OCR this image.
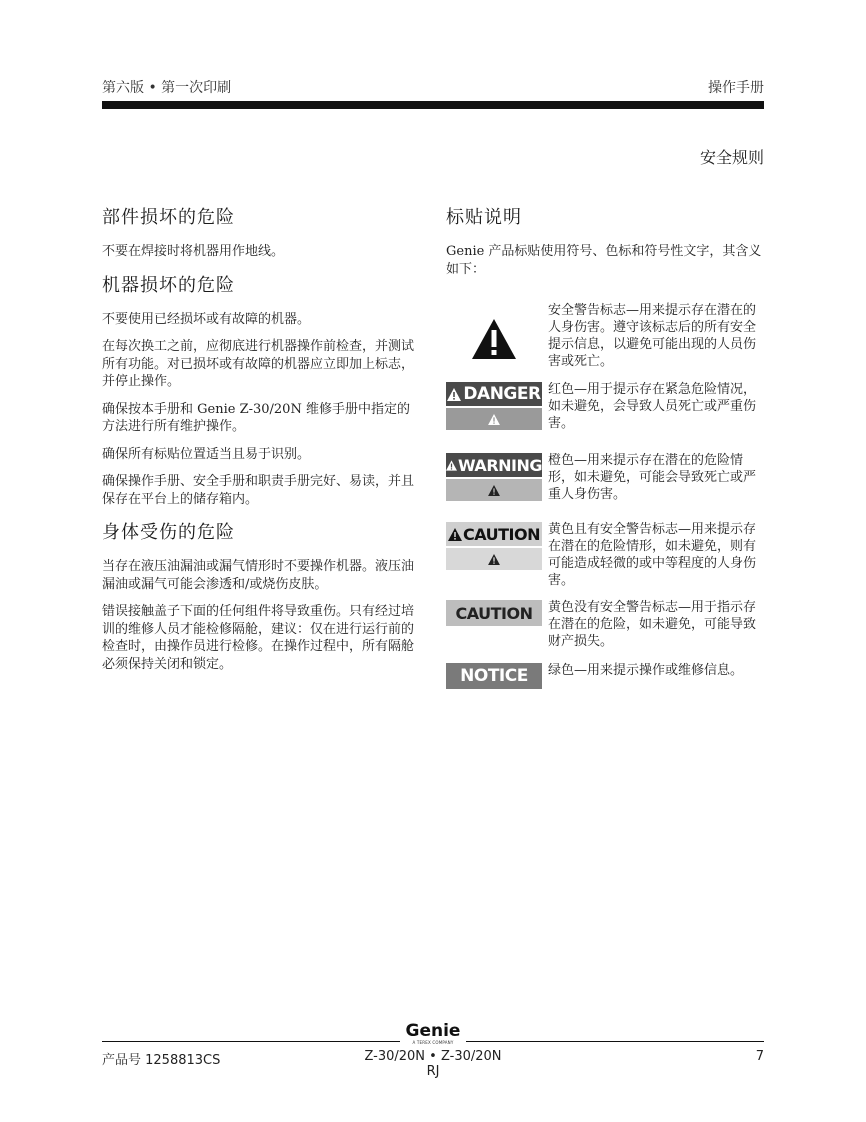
第六版 • 第一次印刷	操作手册
安全规则
部件损坏的危险

不要在焊接时将机器用作地线。

机器损坏的危险

不要使用已经损坏或有故障的机器。

在每次换工之前，应彻底进行机器操作前检查，并测试所有功能。对已损坏或有故障的机器应立即加上标志，并停止操作。

确保按本手册和 Genie Z-30/20N 维修手册中指定的方法进行所有维护操作。

确保所有标贴位置适当且易于识别。

确保操作手册、安全手册和职责手册完好、易读，并且保存在平台上的储存箱内。

身体受伤的危险

当存在液压油漏油或漏气情形时不要操作机器。液压油漏油或漏气可能会渗透和/或烧伤皮肤。

错误接触盖子下面的任何组件将导致重伤。只有经过培训的维修人员才能检修隔舱，建议：仅在进行运行前的检查时，由操作员进行检修。在操作过程中，所有隔舱必须保持关闭和锁定。

标贴说明

Genie 产品标贴使用符号、色标和符号性文字，其含义如下：

安全警告标志—用来提示存在潜在的人身伤害。遵守该标志后的所有安全提示信息，以避免可能出现的人员伤害或死亡。
DANGER 红色—用于提示存在紧急危险情况，如未避免，会导致人员死亡或严重伤害。
WARNING 橙色—用来提示存在潜在的危险情形，如未避免，可能会导致死亡或严重人身伤害。
CAUTION 黄色且有安全警告标志—用来提示存在潜在的危险情形，如未避免，则有可能造成轻微的或中等程度的人身伤害。
CAUTION 黄色没有安全警告标志—用于指示存在潜在的危险，如未避免，可能导致财产损失。
NOTICE 绿色—用来提示操作或维修信息。
Genie
A TEREX COMPANY
产品号 1258813CS	Z-30/20N • Z-30/20N RJ
7
